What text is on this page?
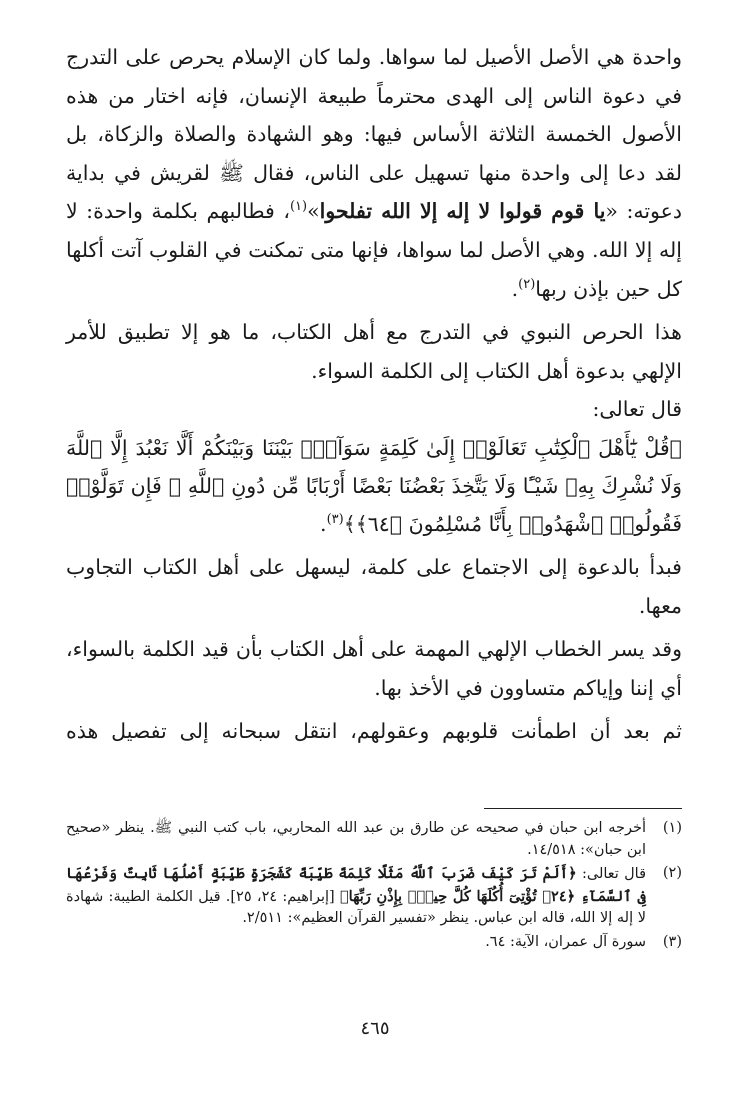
واحدة هي الأصل الأصيل لما سواها. ولما كان الإسلام يحرص على التدرج في دعوة الناس إلى الهدى محترماً طبيعة الإنسان، فإنه اختار من هذه الأصول الخمسة الثلاثة الأساس فيها: وهو الشهادة والصلاة والزكاة، بل لقد دعا إلى واحدة منها تسهيل على الناس، فقال ﷺ لقريش في بداية دعوته: «يا قوم قولوا لا إله إلا الله تفلحوا»$^{(١)}$، فطالبهم بكلمة واحدة: لا إله إلا الله. وهي الأصل لما سواها، فإنها متى تمكنت في القلوب آتت أكلها كل حين بإذن ربها$^{(٢)}$.

هذا الحرص النبوي في التدرج مع أهل الكتاب، ما هو إلا تطبيق للأمر الإلهي بدعوة أهل الكتاب إلى الكلمة السواء.

قال تعالى:

﴿قُلْ يَٰٓأَهْلَ ٱلْكِتَٰبِ تَعَالَوْا۟ إِلَىٰ كَلِمَةٍ سَوَآءٍۭ بَيْنَنَا وَبَيْنَكُمْ أَلَّا نَعْبُدَ إِلَّا ٱللَّهَ وَلَا نُشْرِكَ بِهِۦ شَيْـًٔا وَلَا يَتَّخِذَ بَعْضُنَا بَعْضًا أَرْبَابًا مِّن دُونِ ٱللَّهِ ۚ فَإِن تَوَلَّوْا۟ فَقُولُوا۟ ٱشْهَدُوا۟ بِأَنَّا مُسْلِمُونَ ﴿٦٤﴾﴾$^{(٣)}$.

فبدأ بالدعوة إلى الاجتماع على كلمة، ليسهل على أهل الكتاب التجاوب معها.

وقد يسر الخطاب الإلهي المهمة على أهل الكتاب بأن قيد الكلمة بالسواء، أي إننا وإياكم متساوون في الأخذ بها.

ثم بعد أن اطمأنت قلوبهم وعقولهم، انتقل سبحانه إلى تفصيل هذه

(١)
أخرجه ابن حبان في صحيحه عن طارق بن عبد الله المحاربي، باب كتب النبي ﷺ. ينظر «صحيح ابن حبان»: ١٤/٥١٨.
(٢)
قال تعالى: ﴿أَلَمْ تَرَ كَيْفَ ضَرَبَ ٱللَّهُ مَثَلًا كَلِمَةً طَيِّبَةً كَشَجَرَةٍ طَيِّبَةٍ أَصْلُهَا ثَابِتٌ وَفَرْعُهَا فِى ٱلسَّمَآءِ ﴿٢٤﴾ تُؤْتِىٓ أُكُلَهَا كُلَّ حِينٍۭ بِإِذْنِ رَبِّهَا﴾ [إبراهيم: ٢٤، ٢٥]. قيل الكلمة الطيبة: شهادة لا إله إلا الله، قاله ابن عباس. ينظر «تفسير القرآن العظيم»: ٢/٥١١.
(٣)
سورة آل عمران، الآية: ٦٤.
٤٦٥
